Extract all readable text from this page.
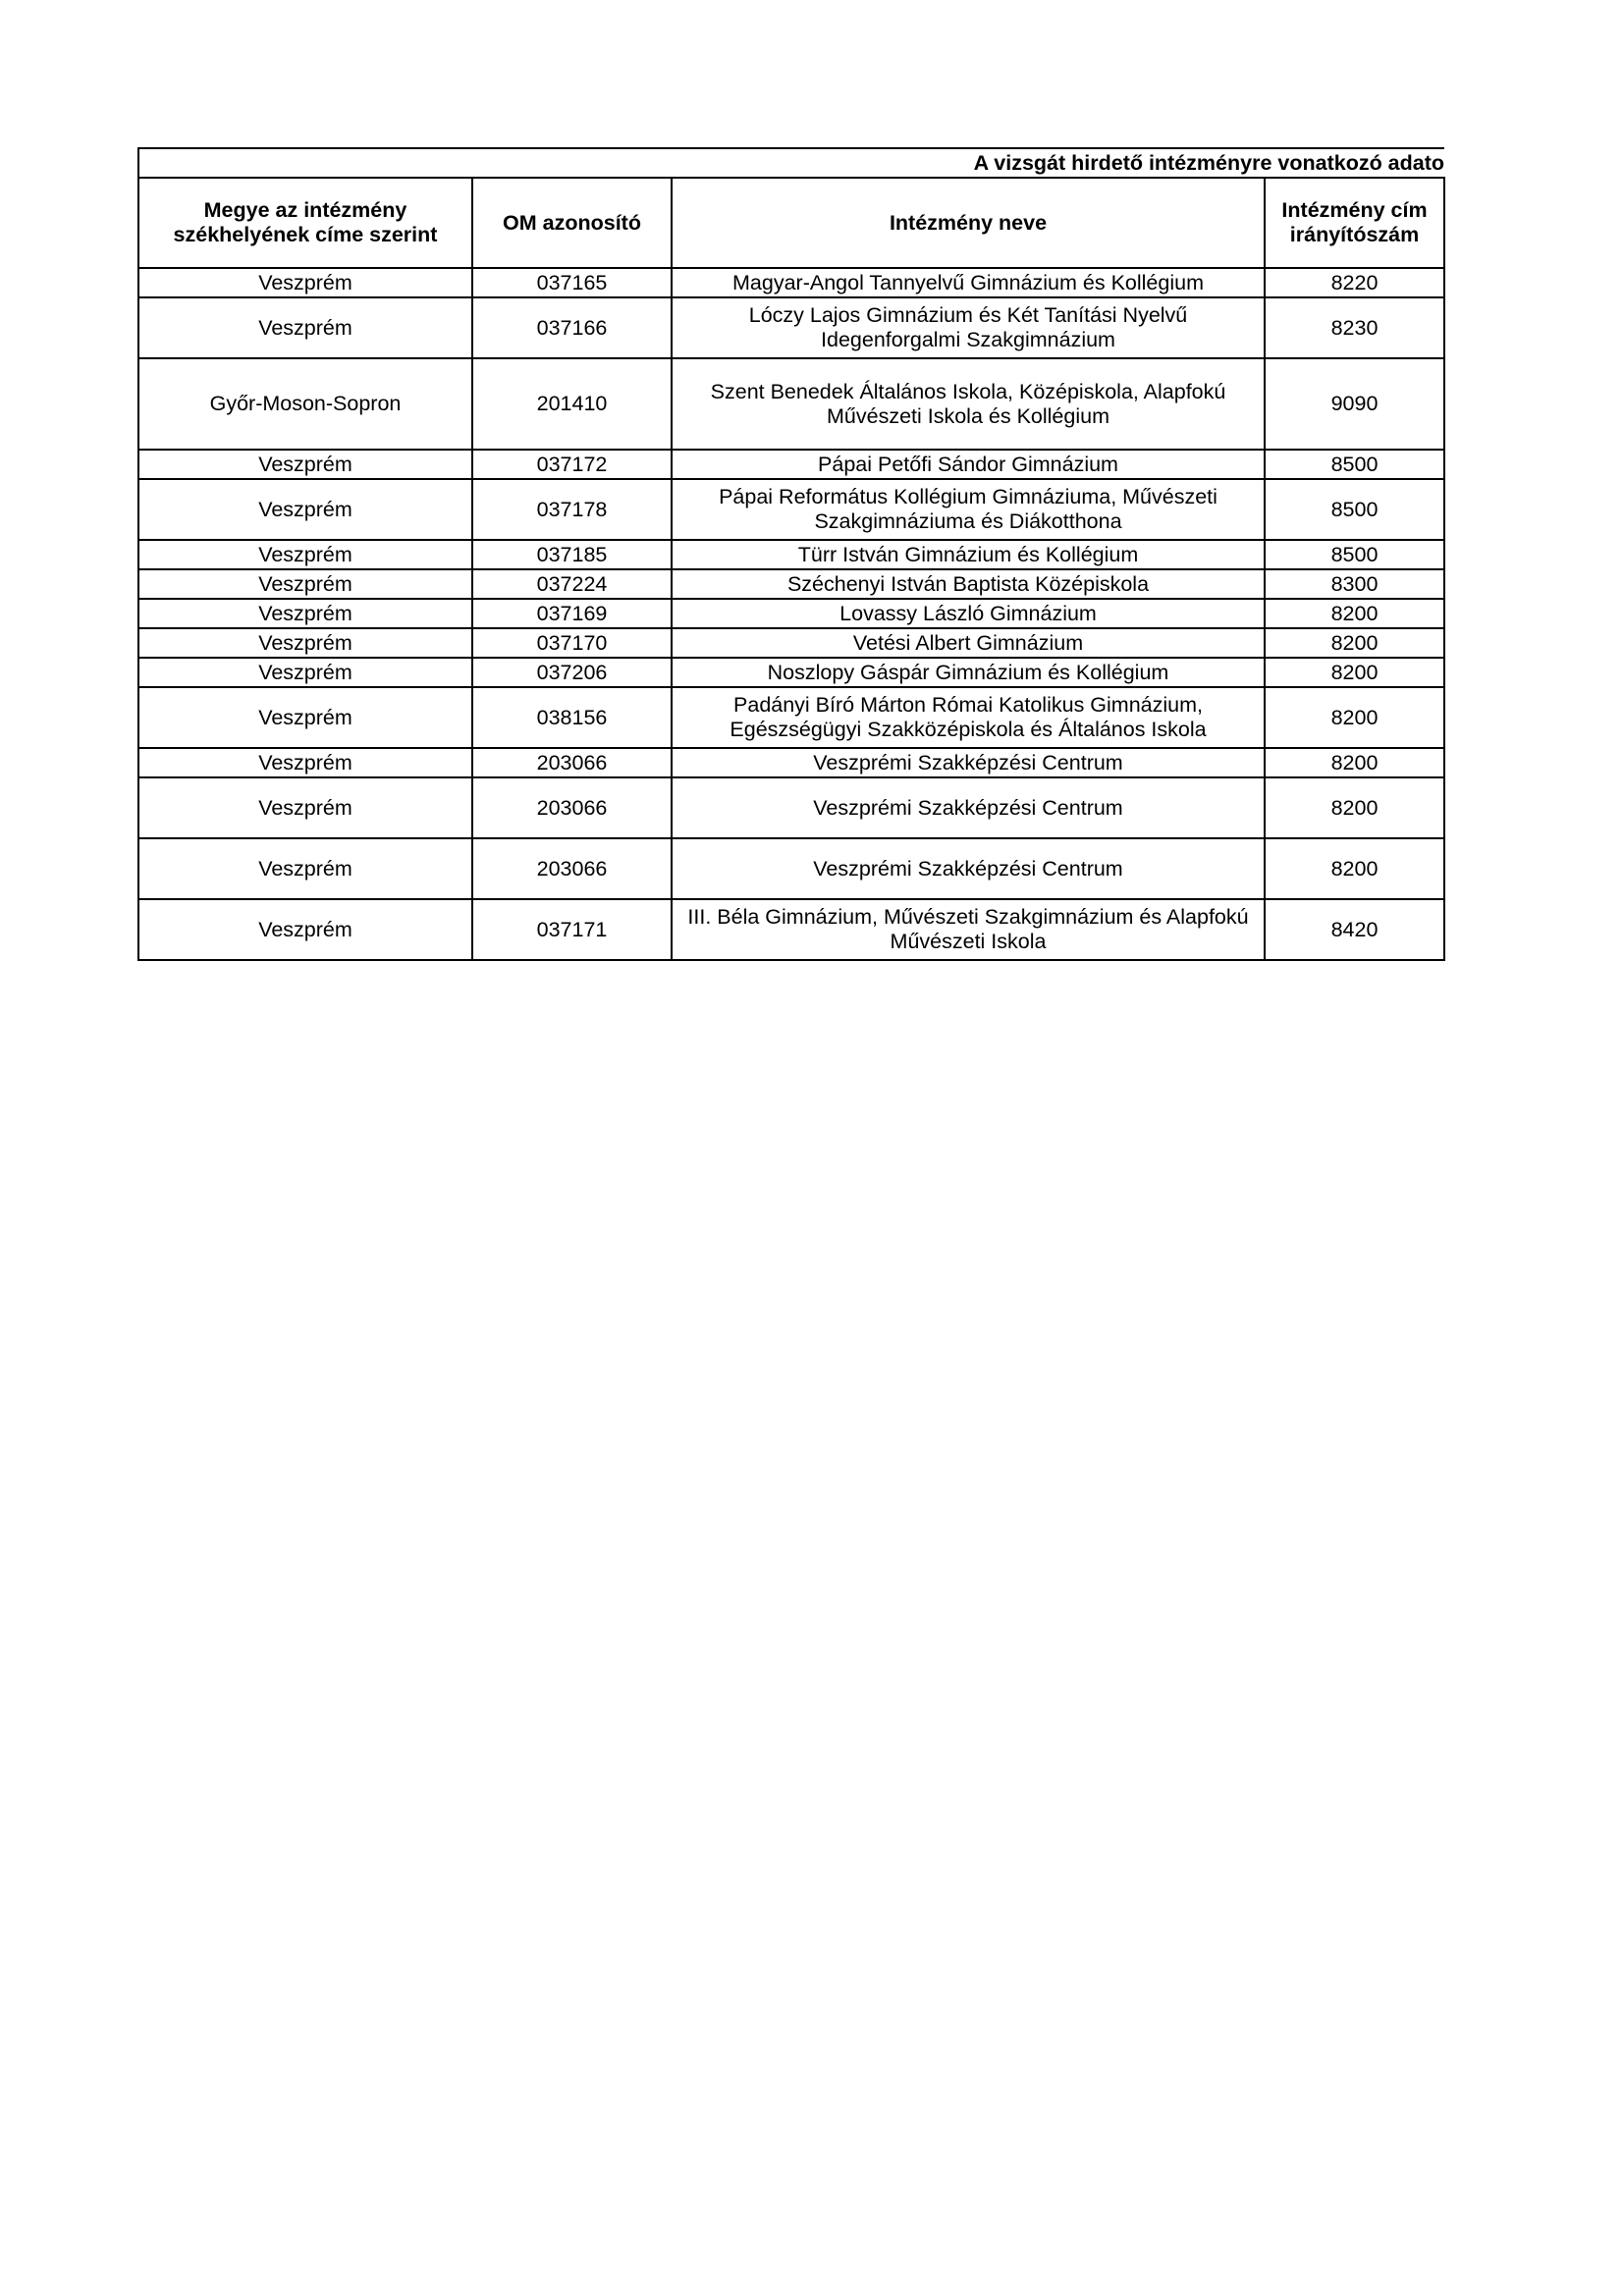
A vizsgát hirdető intézményre vonatkozó adato			
Megye az intézmény székhelyének címe szerint	OM azonosító	Intézmény neve	Intézmény cím irányítószám
Veszprém	037165	Magyar-Angol Tannyelvű Gimnázium és Kollégium	8220
Veszprém	037166	Lóczy Lajos Gimnázium és Két Tanítási Nyelvű Idegenforgalmi Szakgimnázium	8230
Győr-Moson-Sopron	201410	Szent Benedek Általános Iskola, Középiskola, Alapfokú Művészeti Iskola és Kollégium	9090
Veszprém	037172	Pápai Petőfi Sándor Gimnázium	8500
Veszprém	037178	Pápai Református Kollégium Gimnáziuma, Művészeti Szakgimnáziuma és Diákotthona	8500
Veszprém	037185	Türr István Gimnázium és Kollégium	8500
Veszprém	037224	Széchenyi István Baptista Középiskola	8300
Veszprém	037169	Lovassy László Gimnázium	8200
Veszprém	037170	Vetési Albert Gimnázium	8200
Veszprém	037206	Noszlopy Gáspár Gimnázium és Kollégium	8200
Veszprém	038156	Padányi Bíró Márton Római Katolikus Gimnázium, Egészségügyi Szakközépiskola és Általános Iskola	8200
Veszprém	203066	Veszprémi Szakképzési Centrum	8200
Veszprém	203066	Veszprémi Szakképzési Centrum	8200
Veszprém	203066	Veszprémi Szakképzési Centrum	8200
Veszprém	037171	III. Béla Gimnázium, Művészeti Szakgimnázium és Alapfokú Művészeti Iskola	8420
